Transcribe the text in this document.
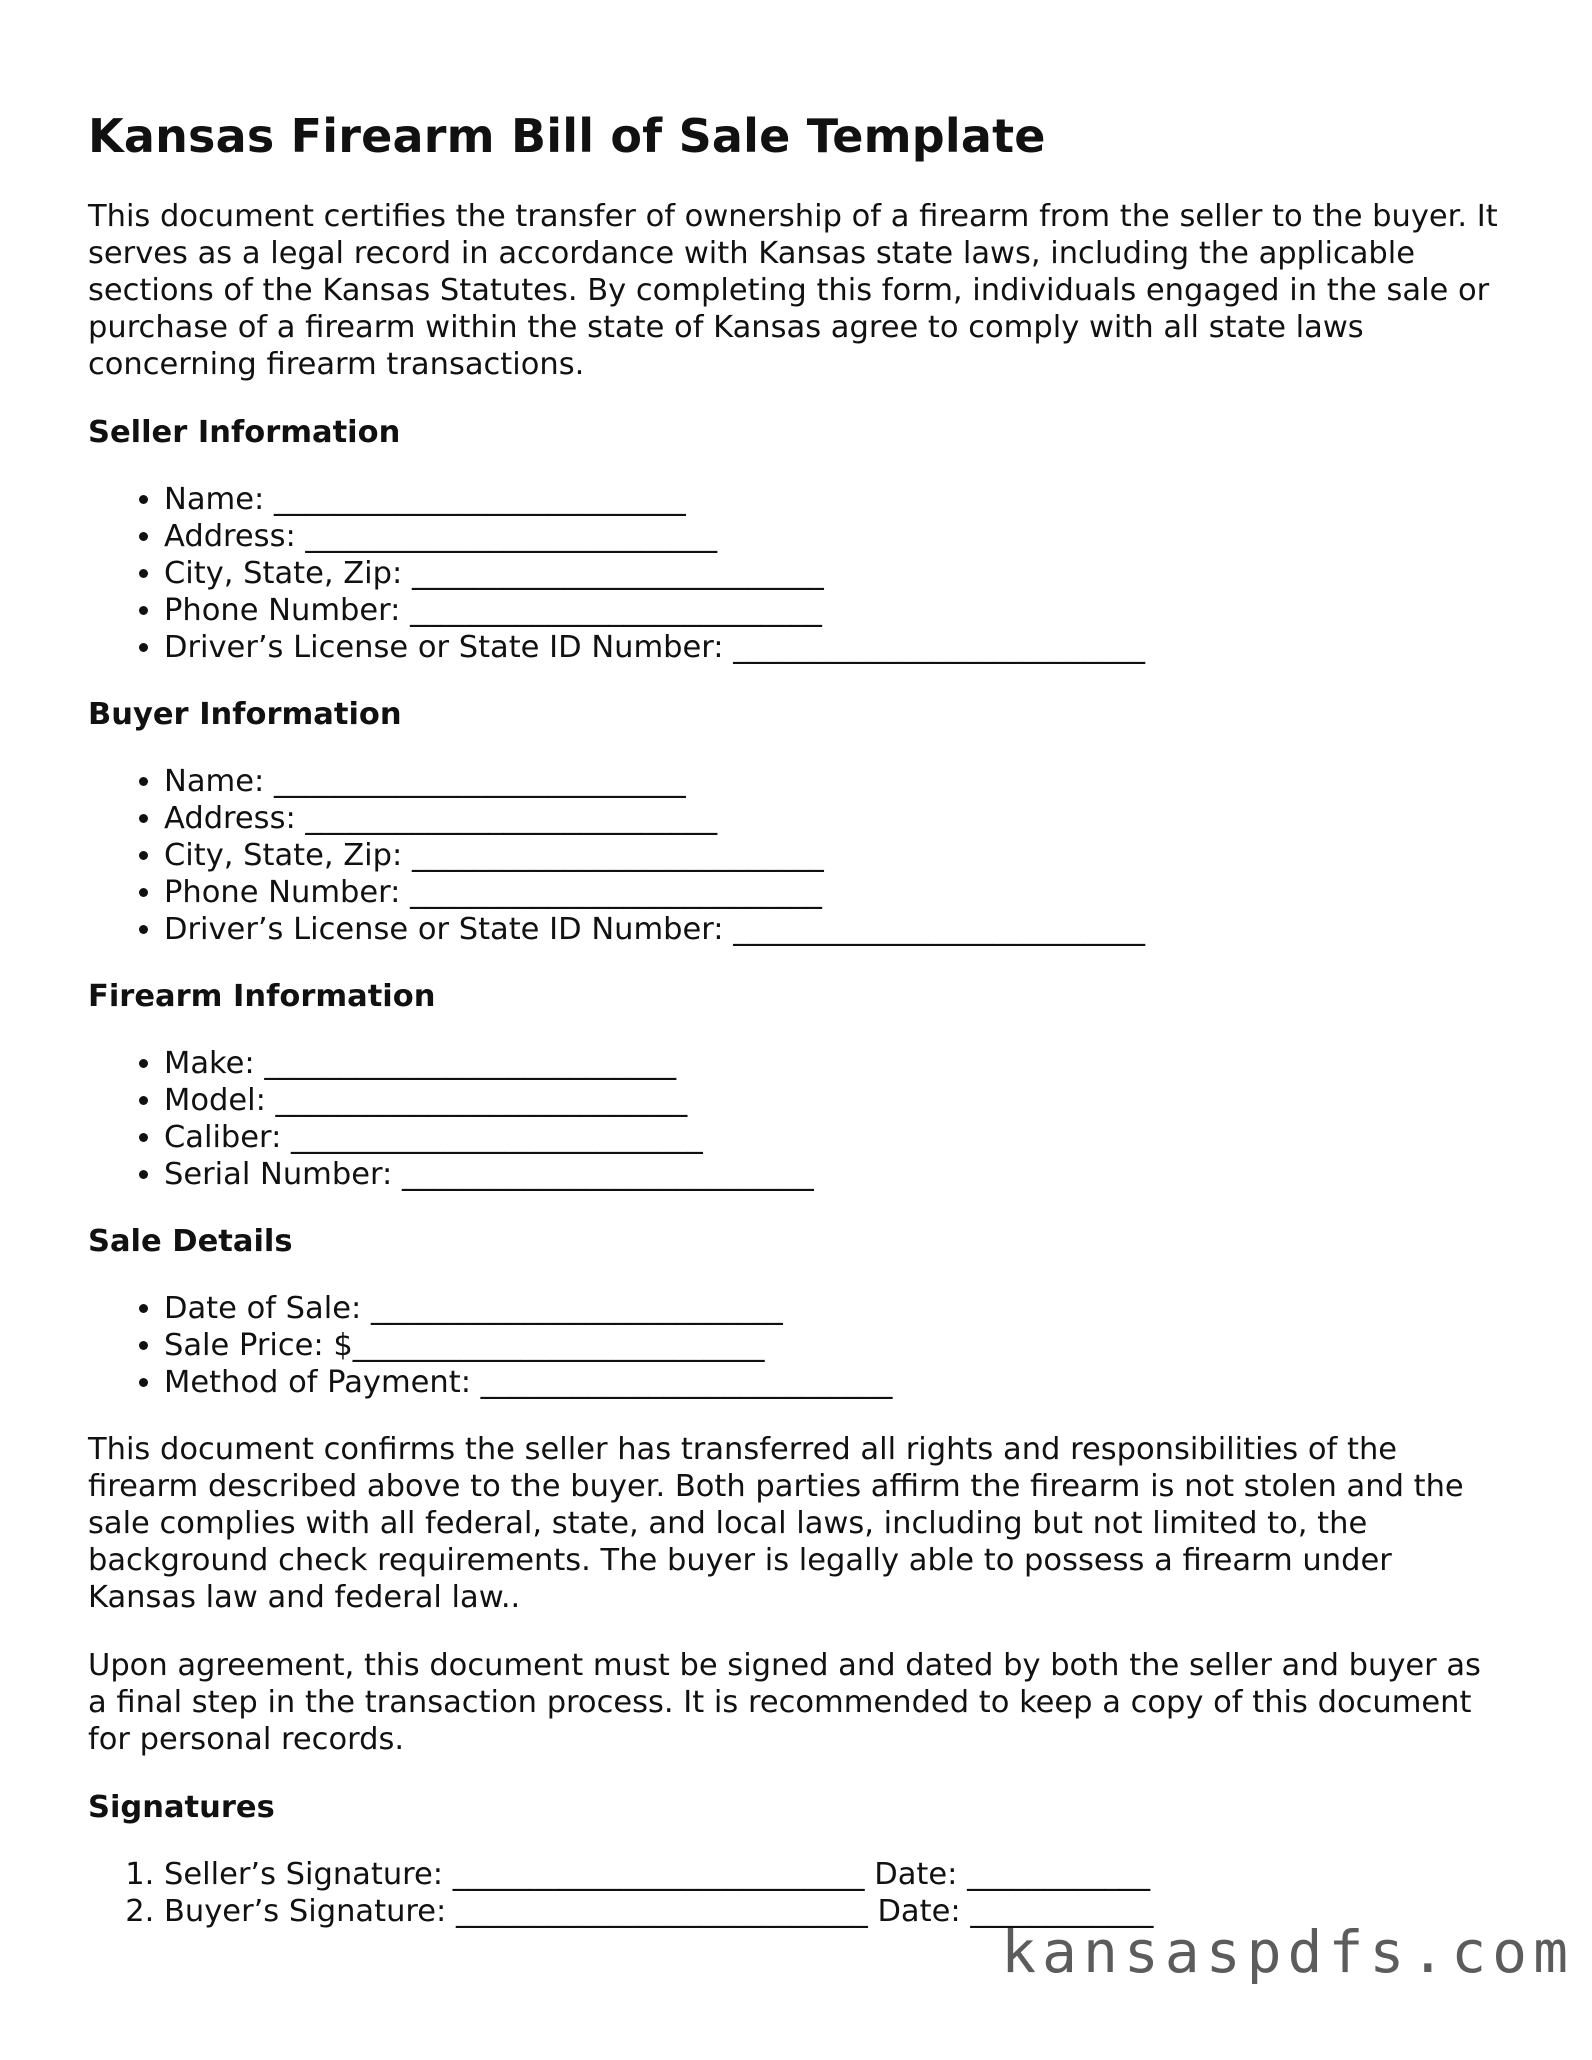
Kansas Firearm Bill of Sale Template

This document certifies the transfer of ownership of a firearm from the seller to the buyer. It serves as a legal record in accordance with Kansas state laws, including the applicable sections of the Kansas Statutes. By completing this form, individuals engaged in the sale or purchase of a firearm within the state of Kansas agree to comply with all state laws concerning firearm transactions.

Seller Information
• Name: ___________________________
• Address: ___________________________
• City, State, Zip: ___________________________
• Phone Number: ___________________________
• Driver’s License or State ID Number: ___________________________
Buyer Information
• Name: ___________________________
• Address: ___________________________
• City, State, Zip: ___________________________
• Phone Number: ___________________________
• Driver’s License or State ID Number: ___________________________
Firearm Information
• Make: ___________________________
• Model: ___________________________
• Caliber: ___________________________
• Serial Number: ___________________________
Sale Details
• Date of Sale: ___________________________
• Sale Price: $___________________________
• Method of Payment: ___________________________

This document confirms the seller has transferred all rights and responsibilities of the firearm described above to the buyer. Both parties affirm the firearm is not stolen and the sale complies with all federal, state, and local laws, including but not limited to, the background check requirements. The buyer is legally able to possess a firearm under Kansas law and federal law..

Upon agreement, this document must be signed and dated by both the seller and buyer as a final step in the transaction process. It is recommended to keep a copy of this document for personal records.

Signatures
1. Seller’s Signature: ___________________________ Date: ____________
2. Buyer’s Signature: ___________________________ Date: ____________
kansaspdfs.com
